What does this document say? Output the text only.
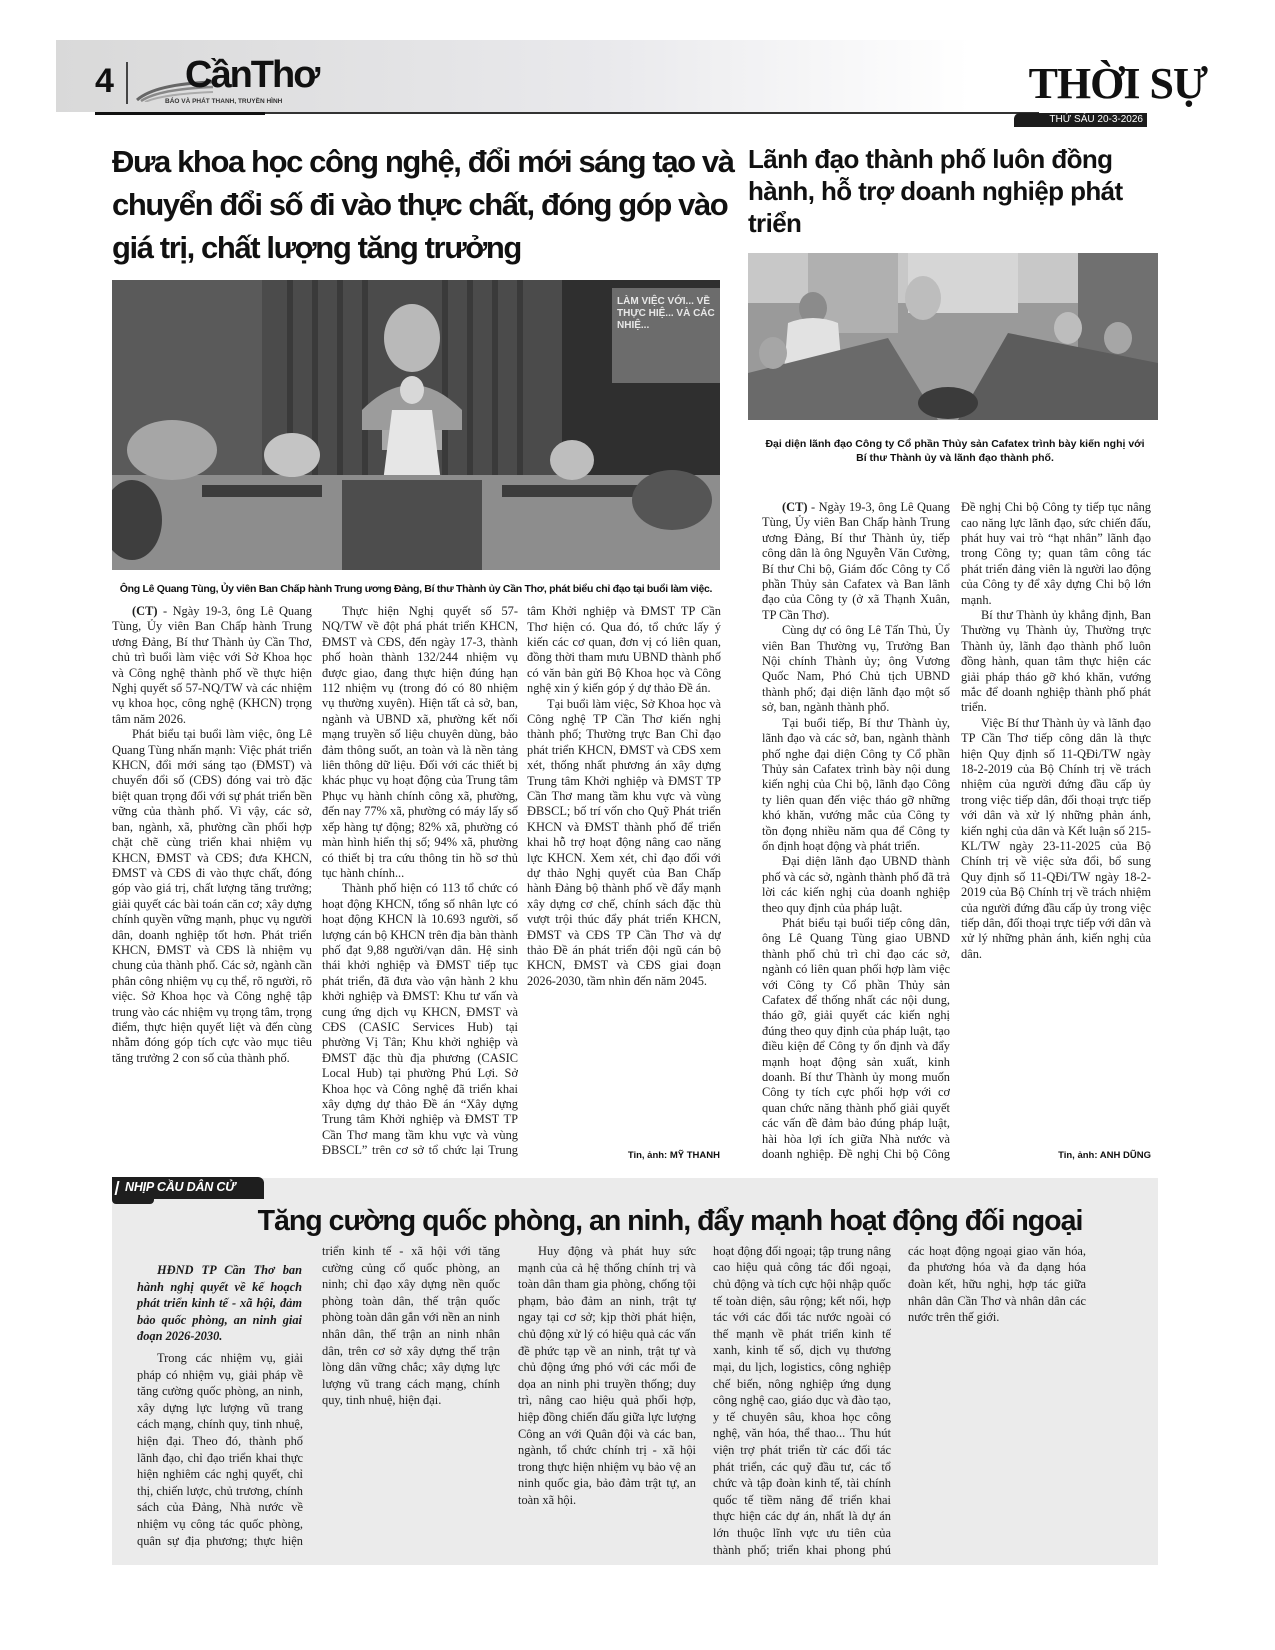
4 CầnThơ
BÁO VÀ PHÁT THANH, TRUYỀN HÌNH	THỜI SỰ
THỨ SÁU 20-3-2026
Đưa khoa học công nghệ, đổi mới sáng tạo và chuyển đổi số đi vào thực chất, đóng góp vào giá trị, chất lượng tăng trưởng
LÀM VIỆC VỚI... VỀ THỰC HIỆ... VÀ CÁC NHIỆ...
Ông Lê Quang Tùng, Ủy viên Ban Chấp hành Trung ương Đảng, Bí thư Thành ủy Cần Thơ, phát biểu chỉ đạo tại buổi làm việc.

(CT) - Ngày 19-3, ông Lê Quang Tùng, Ủy viên Ban Chấp hành Trung ương Đảng, Bí thư Thành ủy Cần Thơ, chủ trì buổi làm việc với Sở Khoa học và Công nghệ thành phố về thực hiện Nghị quyết số 57-NQ/TW và các nhiệm vụ khoa học, công nghệ (KHCN) trọng tâm năm 2026.

Phát biểu tại buổi làm việc, ông Lê Quang Tùng nhấn mạnh: Việc phát triển KHCN, đổi mới sáng tạo (ĐMST) và chuyển đổi số (CĐS) đóng vai trò đặc biệt quan trọng đối với sự phát triển bền vững của thành phố. Vì vậy, các sở, ban, ngành, xã, phường cần phối hợp chặt chẽ cùng triển khai nhiệm vụ KHCN, ĐMST và CĐS; đưa KHCN, ĐMST và CĐS đi vào thực chất, đóng góp vào giá trị, chất lượng tăng trưởng; giải quyết các bài toán căn cơ; xây dựng chính quyền vững mạnh, phục vụ người dân, doanh nghiệp tốt hơn. Phát triển KHCN, ĐMST và CĐS là nhiệm vụ chung của thành phố. Các sở, ngành cần phân công nhiệm vụ cụ thể, rõ người, rõ việc. Sở Khoa học và Công nghệ tập trung vào các nhiệm vụ trọng tâm, trọng điểm, thực hiện quyết liệt và đến cùng nhằm đóng góp tích cực vào mục tiêu tăng trưởng 2 con số của thành phố.

Thực hiện Nghị quyết số 57-NQ/TW về đột phá phát triển KHCN, ĐMST và CĐS, đến ngày 17-3, thành phố hoàn thành 132/244 nhiệm vụ được giao, đang thực hiện đúng hạn 112 nhiệm vụ (trong đó có 80 nhiệm vụ thường xuyên). Hiện tất cả sở, ban, ngành và UBND xã, phường kết nối mạng truyền số liệu chuyên dùng, bảo đảm thông suốt, an toàn và là nền tảng liên thông dữ liệu. Đối với các thiết bị khác phục vụ hoạt động của Trung tâm Phục vụ hành chính công xã, phường, đến nay 77% xã, phường có máy lấy số xếp hàng tự động; 82% xã, phường có màn hình hiển thị số; 94% xã, phường có thiết bị tra cứu thông tin hồ sơ thủ tục hành chính...

Thành phố hiện có 113 tổ chức có hoạt động KHCN, tổng số nhân lực có hoạt động KHCN là 10.693 người, số lượng cán bộ KHCN trên địa bàn thành phố đạt 9,88 người/vạn dân. Hệ sinh thái khởi nghiệp và ĐMST tiếp tục phát triển, đã đưa vào vận hành 2 khu khởi nghiệp và ĐMST: Khu tư vấn và cung ứng dịch vụ KHCN, ĐMST và CĐS (CASIC Services Hub) tại phường Vị Tân; Khu khởi nghiệp và ĐMST đặc thù địa phương (CASIC Local Hub) tại phường Phú Lợi. Sở Khoa học và Công nghệ đã triển khai xây dựng dự thảo Đề án “Xây dựng Trung tâm Khởi nghiệp và ĐMST TP Cần Thơ mang tầm khu vực và vùng ĐBSCL” trên cơ sở tổ chức lại Trung

tâm Khởi nghiệp và ĐMST TP Cần Thơ hiện có. Qua đó, tổ chức lấy ý kiến các cơ quan, đơn vị có liên quan, đồng thời tham mưu UBND thành phố có văn bản gửi Bộ Khoa học và Công nghệ xin ý kiến góp ý dự thảo Đề án.

Tại buổi làm việc, Sở Khoa học và Công nghệ TP Cần Thơ kiến nghị thành phố; Thường trực Ban Chỉ đạo phát triển KHCN, ĐMST và CĐS xem xét, thống nhất phương án xây dựng Trung tâm Khởi nghiệp và ĐMST TP Cần Thơ mang tầm khu vực và vùng ĐBSCL; bố trí vốn cho Quỹ Phát triển KHCN và ĐMST thành phố để triển khai hỗ trợ hoạt động nâng cao năng lực KHCN. Xem xét, chỉ đạo đối với dự thảo Nghị quyết của Ban Chấp hành Đảng bộ thành phố về đẩy mạnh xây dựng cơ chế, chính sách đặc thù vượt trội thúc đẩy phát triển KHCN, ĐMST và CĐS TP Cần Thơ và dự thảo Đề án phát triển đội ngũ cán bộ KHCN, ĐMST và CĐS giai đoạn 2026-2030, tầm nhìn đến năm 2045.

Tin, ảnh: MỸ THANH
Lãnh đạo thành phố luôn đồng hành, hỗ trợ doanh nghiệp phát triển
Đại diện lãnh đạo Công ty Cổ phần Thủy sản Cafatex trình bày kiến nghị với Bí thư Thành ủy và lãnh đạo thành phố.

(CT) - Ngày 19-3, ông Lê Quang Tùng, Ủy viên Ban Chấp hành Trung ương Đảng, Bí thư Thành ủy, tiếp công dân là ông Nguyễn Văn Cường, Bí thư Chi bộ, Giám đốc Công ty Cổ phần Thủy sản Cafatex và Ban lãnh đạo của Công ty (ở xã Thạnh Xuân, TP Cần Thơ).

Cùng dự có ông Lê Tấn Thủ, Ủy viên Ban Thường vụ, Trưởng Ban Nội chính Thành ủy; ông Vương Quốc Nam, Phó Chủ tịch UBND thành phố; đại diện lãnh đạo một số sở, ban, ngành thành phố.

Tại buổi tiếp, Bí thư Thành ủy, lãnh đạo và các sở, ban, ngành thành phố nghe đại diện Công ty Cổ phần Thủy sản Cafatex trình bày nội dung kiến nghị của Chi bộ, lãnh đạo Công ty liên quan đến việc tháo gỡ những khó khăn, vướng mắc của Công ty tồn đọng nhiều năm qua để Công ty ổn định hoạt động và phát triển.

Đại diện lãnh đạo UBND thành phố và các sở, ngành thành phố đã trả lời các kiến nghị của doanh nghiệp theo quy định của pháp luật.

Phát biểu tại buổi tiếp công dân, ông Lê Quang Tùng giao UBND thành phố chủ trì chỉ đạo các sở, ngành có liên quan phối hợp làm việc với Công ty Cổ phần Thủy sản Cafatex để thống nhất các nội dung, tháo gỡ, giải quyết các kiến nghị đúng theo quy định của pháp luật, tạo điều kiện để Công ty ổn định và đẩy mạnh hoạt động sản xuất, kinh doanh. Bí thư Thành ủy mong muốn Công ty tích cực phối hợp với cơ quan chức năng thành phố giải quyết các vấn đề đảm bảo đúng pháp luật, hài hòa lợi ích giữa Nhà nước và doanh nghiệp. Đề nghị Chi bộ Công

Đề nghị Chi bộ Công ty tiếp tục nâng cao năng lực lãnh đạo, sức chiến đấu, phát huy vai trò “hạt nhân” lãnh đạo trong Công ty; quan tâm công tác phát triển đảng viên là người lao động của Công ty để xây dựng Chi bộ lớn mạnh.

Bí thư Thành ủy khẳng định, Ban Thường vụ Thành ủy, Thường trực Thành ủy, lãnh đạo thành phố luôn đồng hành, quan tâm thực hiện các giải pháp tháo gỡ khó khăn, vướng mắc để doanh nghiệp thành phố phát triển.

Việc Bí thư Thành ủy và lãnh đạo TP Cần Thơ tiếp công dân là thực hiện Quy định số 11-QĐi/TW ngày 18-2-2019 của Bộ Chính trị về trách nhiệm của người đứng đầu cấp ủy trong việc tiếp dân, đối thoại trực tiếp với dân và xử lý những phản ánh, kiến nghị của dân và Kết luận số 215-KL/TW ngày 23-11-2025 của Bộ Chính trị về việc sửa đổi, bổ sung Quy định số 11-QĐi/TW ngày 18-2-2019 của Bộ Chính trị về trách nhiệm của người đứng đầu cấp ủy trong việc tiếp dân, đối thoại trực tiếp với dân và xử lý những phản ánh, kiến nghị của dân.

Tin, ảnh: ANH DŨNG
NHỊP CẦU DÂN CỬ
Tăng cường quốc phòng, an ninh, đẩy mạnh hoạt động đối ngoại

HĐND TP Cần Thơ ban hành nghị quyết về kế hoạch phát triển kinh tế - xã hội, đảm bảo quốc phòng, an ninh giai đoạn 2026-2030.

Trong các nhiệm vụ, giải pháp có nhiệm vụ, giải pháp về tăng cường quốc phòng, an ninh, xây dựng lực lượng vũ trang cách mạng, chính quy, tinh nhuệ, hiện đại. Theo đó, thành phố lãnh đạo, chỉ đạo triển khai thực hiện nghiêm các nghị quyết, chỉ thị, chiến lược, chủ trương, chính sách của Đảng, Nhà nước về nhiệm vụ công tác quốc phòng, quân sự địa phương; thực hiện

triển kinh tế - xã hội với tăng cường củng cố quốc phòng, an ninh; chỉ đạo xây dựng nền quốc phòng toàn dân, thế trận quốc phòng toàn dân gắn với nền an ninh nhân dân, thế trận an ninh nhân dân, trên cơ sở xây dựng thế trận lòng dân vững chắc; xây dựng lực lượng vũ trang cách mạng, chính quy, tinh nhuệ, hiện đại.

Huy động và phát huy sức mạnh của cả hệ thống chính trị và toàn dân tham gia phòng, chống tội phạm, bảo đảm an ninh, trật tự ngay tại cơ sở; kịp thời phát hiện, chủ động xử lý có hiệu quả các vấn đề phức tạp về an ninh, trật tự và chủ động ứng phó với các mối đe dọa an ninh phi truyền thống; duy trì, nâng cao hiệu quả phối hợp, hiệp đồng chiến đấu giữa lực lượng Công an với Quân đội và các ban, ngành, tổ chức chính trị - xã hội trong thực hiện nhiệm vụ bảo vệ an ninh quốc gia, bảo đảm trật tự, an toàn xã hội.

hoạt động đối ngoại; tập trung nâng cao hiệu quả công tác đối ngoại, chủ động và tích cực hội nhập quốc tế toàn diện, sâu rộng; kết nối, hợp tác với các đối tác nước ngoài có thế mạnh về phát triển kinh tế xanh, kinh tế số, dịch vụ thương mại, du lịch, logistics, công nghiệp chế biến, nông nghiệp ứng dụng công nghệ cao, giáo dục và đào tạo, y tế chuyên sâu, khoa học công nghệ, văn hóa, thể thao... Thu hút viện trợ phát triển từ các đối tác phát triển, các quỹ đầu tư, các tổ chức và tập đoàn kinh tế, tài chính quốc tế tiềm năng để triển khai thực hiện các dự án, nhất là dự án lớn thuộc lĩnh vực ưu tiên của thành phố; triển khai phong phú

các hoạt động ngoại giao văn hóa, đa phương hóa và đa dạng hóa đoàn kết, hữu nghị, hợp tác giữa nhân dân Cần Thơ và nhân dân các nước trên thế giới.
